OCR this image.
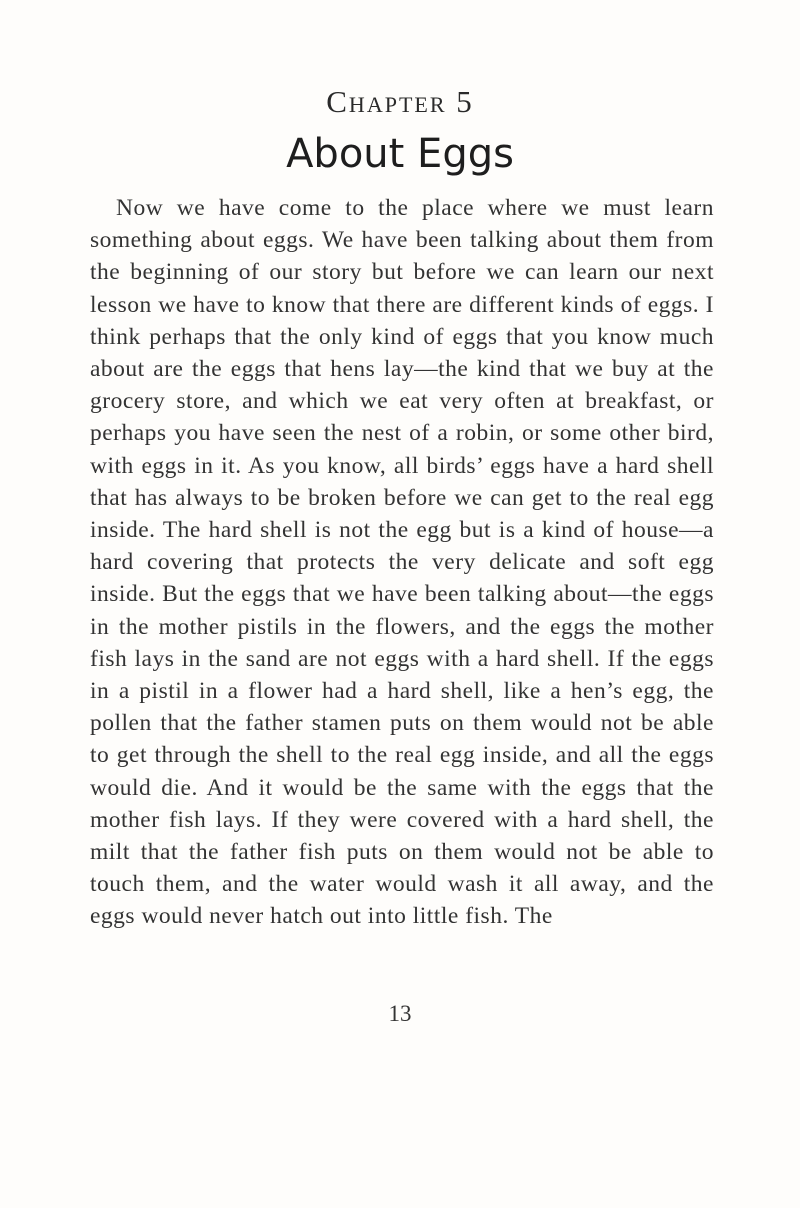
Chapter 5
About Eggs

Now we have come to the place where we must learn something about eggs. We have been talking about them from the beginning of our story but before we can learn our next lesson we have to know that there are different kinds of eggs. I think perhaps that the only kind of eggs that you know much about are the eggs that hens lay—the kind that we buy at the grocery store, and which we eat very often at breakfast, or perhaps you have seen the nest of a robin, or some other bird, with eggs in it. As you know, all birds’ eggs have a hard shell that has always to be broken before we can get to the real egg inside. The hard shell is not the egg but is a kind of house—a hard covering that protects the very delicate and soft egg inside. But the eggs that we have been talking about—the eggs in the mother pistils in the flowers, and the eggs the mother fish lays in the sand are not eggs with a hard shell. If the eggs in a pistil in a flower had a hard shell, like a hen’s egg, the pollen that the father stamen puts on them would not be able to get through the shell to the real egg inside, and all the eggs would die. And it would be the same with the eggs that the mother fish lays. If they were covered with a hard shell, the milt that the father fish puts on them would not be able to touch them, and the water would wash it all away, and the eggs would never hatch out into little fish. The

13
